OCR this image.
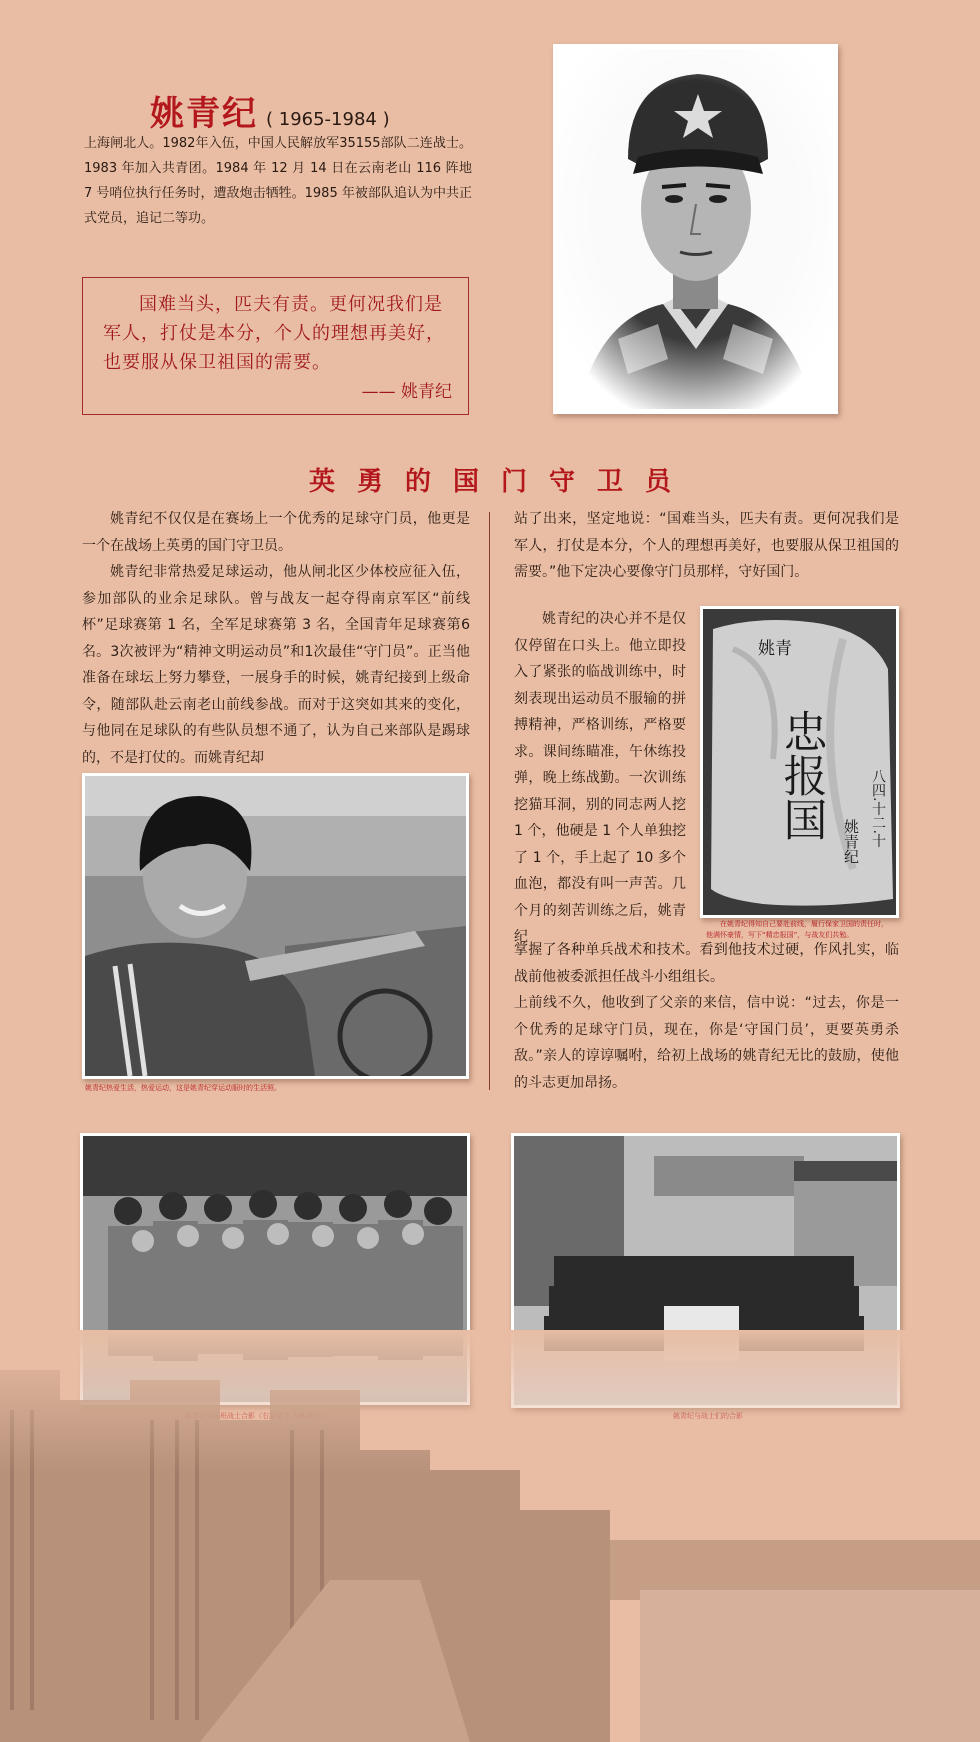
姚青纪 ( 1965-1984 )
上海闸北人。1982年入伍，中国人民解放军35155部队二连战士。1983 年加入共青团。1984 年 12 月 14 日在云南老山 116 阵地 7 号哨位执行任务时，遭敌炮击牺牲。1985 年被部队追认为中共正式党员，追记二等功。
国难当头，匹夫有责。更何况我们是军人，打仗是本分，个人的理想再美好，也要服从保卫祖国的需要。
—— 姚青纪
英勇的国门守卫员

姚青纪不仅仅是在赛场上一个优秀的足球守门员，他更是一个在战场上英勇的国门守卫员。

姚青纪非常热爱足球运动，他从闸北区少体校应征入伍，参加部队的业余足球队。曾与战友一起夺得南京军区“前线杯”足球赛第 1 名，全军足球赛第 3 名，全国青年足球赛第6名。3次被评为“精神文明运动员”和1次最佳“守门员”。正当他准备在球坛上努力攀登，一展身手的时候，姚青纪接到上级命令，随部队赴云南老山前线参战。而对于这突如其来的变化，与他同在足球队的有些队员想不通了，认为自己来部队是踢球的，不是打仗的。而姚青纪却

站了出来，坚定地说：“国难当头，匹夫有责。更何况我们是军人，打仗是本分，个人的理想再美好，也要服从保卫祖国的需要。”他下定决心要像守门员那样，守好国门。

姚青纪的决心并不是仅仅停留在口头上。他立即投入了紧张的临战训练中，时刻表现出运动员不服输的拼搏精神，严格训练，严格要求。课间练瞄准，午休练投弹，晚上练战勤。一次训练挖猫耳洞，别的同志两人挖 1 个，他硬是 1 个人单独挖了 1 个，手上起了 10 多个血泡，都没有叫一声苦。几个月的刻苦训练之后，姚青纪

掌握了各种单兵战术和技术。看到他技术过硬，作风扎实，临战前他被委派担任战斗小组组长。

上前线不久，他收到了父亲的来信，信中说：“过去，你是一个优秀的足球守门员，现在，你是‘守国门员’，更要英勇杀敌。”亲人的谆谆嘱咐，给初上战场的姚青纪无比的鼓励，使他的斗志更加昂扬。

姚青
忠报国
姚青纪 八四.十二.十
在姚青纪得知自己要赴前线，履行保家卫国的责任时，
他满怀豪情，写下“精忠报国”，与战友们共勉。
姚青纪热爱生活，热爱运动，这是姚青纪穿运动服时的生活照。
